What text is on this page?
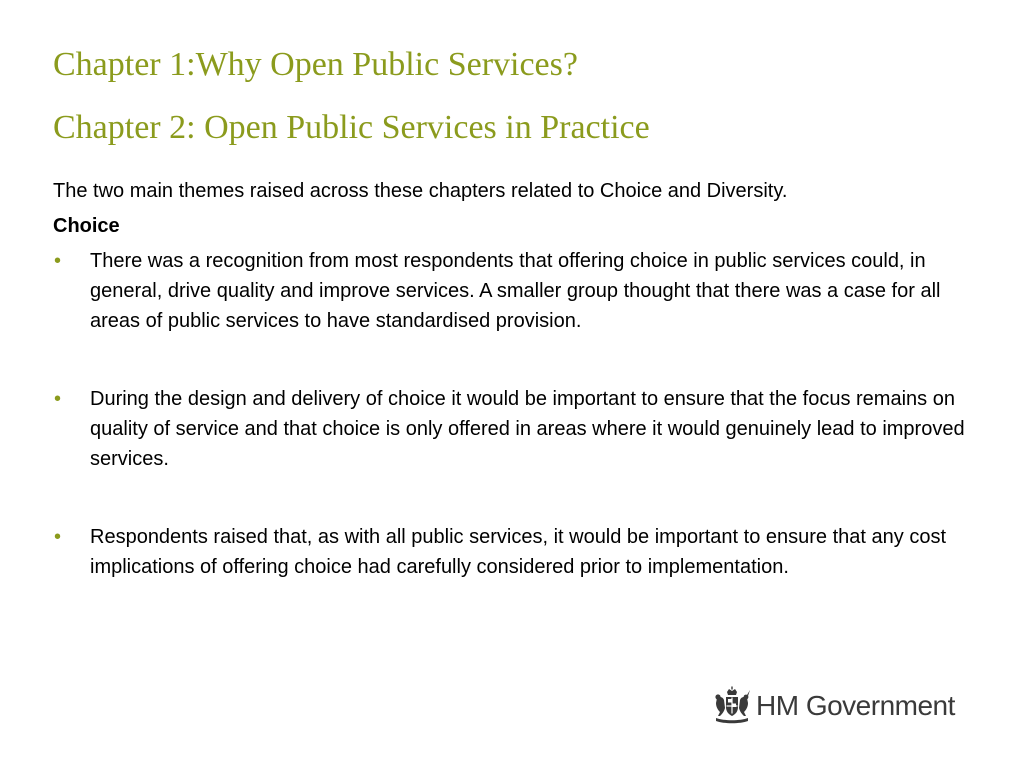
Chapter 1:Why Open Public Services?
Chapter 2: Open Public Services in Practice

The two main themes raised across these chapters related to Choice and Diversity.

Choice

• There was a recognition from most respondents that offering choice in public services could, in general, drive quality and improve services. A smaller group thought that there was a case for all areas of public services to have standardised provision.
• During the design and delivery of choice it would be important to ensure that the focus remains on quality of service and that choice is only offered in areas where it would genuinely lead to improved services.
• Respondents raised that, as with all public services, it would be important to ensure that any cost implications of offering choice had carefully considered prior to implementation.
HM Government
